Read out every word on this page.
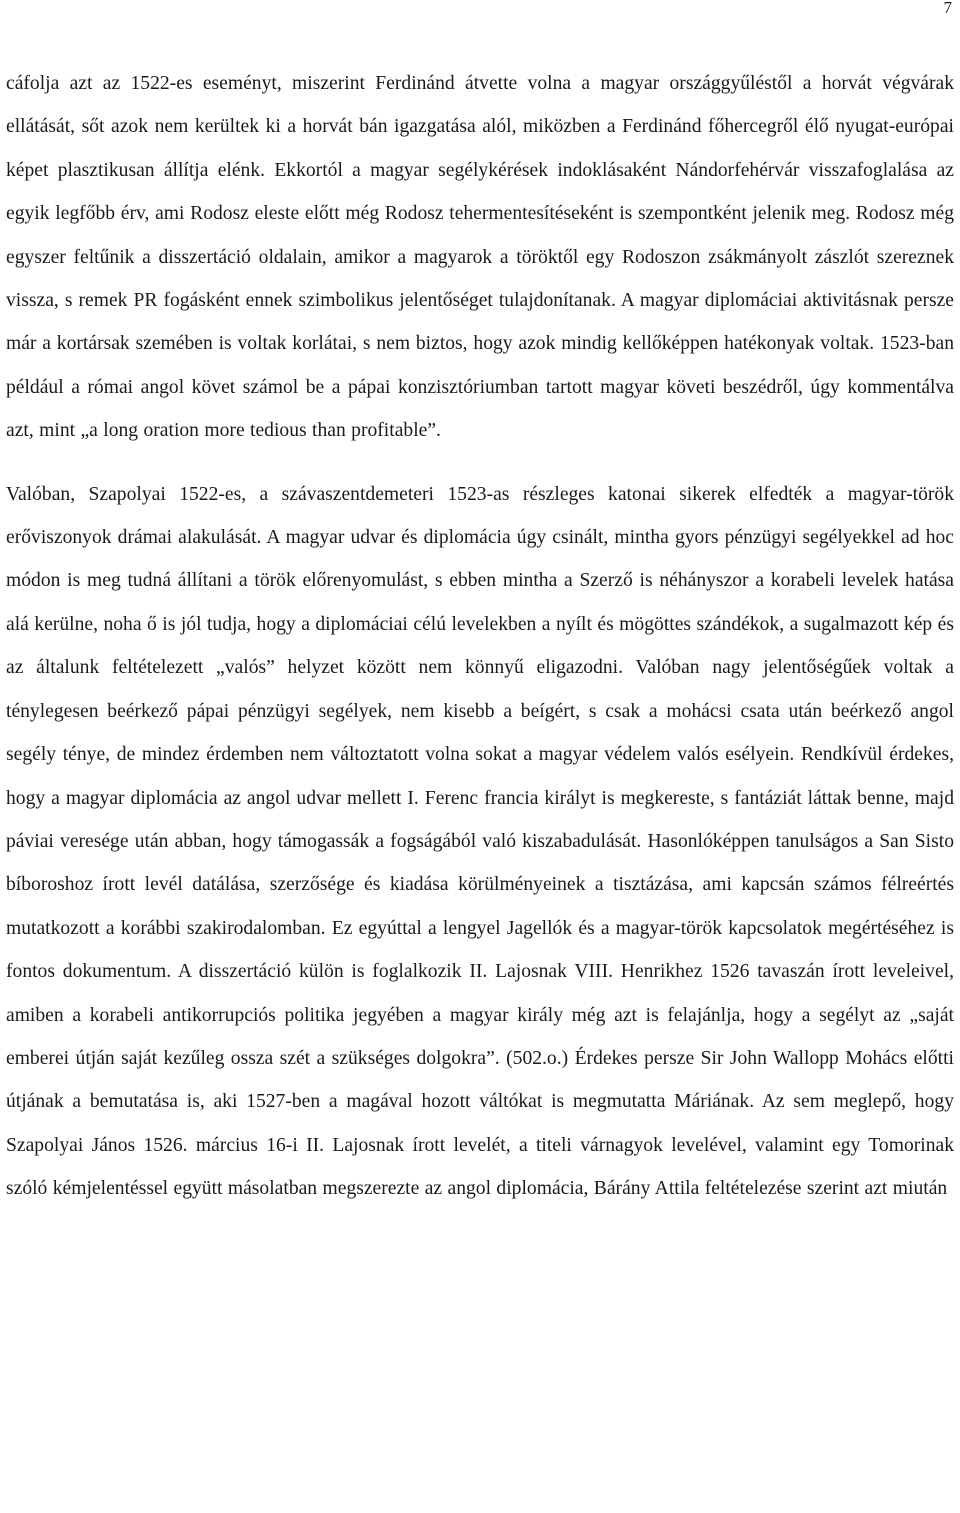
7

cáfolja azt az 1522-es eseményt, miszerint Ferdinánd átvette volna a magyar országgyűléstől a horvát végvárak ellátását, sőt azok nem kerültek ki a horvát bán igazgatása alól, miközben a Ferdinánd főhercegről élő nyugat-európai képet plasztikusan állítja elénk. Ekkortól a magyar segélykérések indoklásaként Nándorfehérvár visszafoglalása az egyik legfőbb érv, ami Rodosz eleste előtt még Rodosz tehermentesítéseként is szempontként jelenik meg. Rodosz még egyszer feltűnik a disszertáció oldalain, amikor a magyarok a töröktől egy Rodoszon zsákmányolt zászlót szereznek vissza, s remek PR fogásként ennek szimbolikus jelentőséget tulajdonítanak. A magyar diplomáciai aktivitásnak persze már a kortársak szemében is voltak korlátai, s nem biztos, hogy azok mindig kellőképpen hatékonyak voltak. 1523-ban például a római angol követ számol be a pápai konzisztóriumban tartott magyar követi beszédről, úgy kommentálva azt, mint „a long oration more tedious than profitable”.

Valóban, Szapolyai 1522-es, a szávaszentdemeteri 1523-as részleges katonai sikerek elfedték a magyar-török erőviszonyok drámai alakulását. A magyar udvar és diplomácia úgy csinált, mintha gyors pénzügyi segélyekkel ad hoc módon is meg tudná állítani a török előrenyomulást, s ebben mintha a Szerző is néhányszor a korabeli levelek hatása alá kerülne, noha ő is jól tudja, hogy a diplomáciai célú levelekben a nyílt és mögöttes szándékok, a sugalmazott kép és az általunk feltételezett „valós” helyzet között nem könnyű eligazodni. Valóban nagy jelentőségűek voltak a ténylegesen beérkező pápai pénzügyi segélyek, nem kisebb a beígért, s csak a mohácsi csata után beérkező angol segély ténye, de mindez érdemben nem változtatott volna sokat a magyar védelem valós esélyein. Rendkívül érdekes, hogy a magyar diplomácia az angol udvar mellett I. Ferenc francia királyt is megkereste, s fantáziát láttak benne, majd páviai veresége után abban, hogy támogassák a fogságából való kiszabadulását. Hasonlóképpen tanulságos a San Sisto bíboroshoz írott levél datálása, szerzősége és kiadása körülményeinek a tisztázása, ami kapcsán számos félreértés mutatkozott a korábbi szakirodalomban. Ez egyúttal a lengyel Jagellók és a magyar-török kapcsolatok megértéséhez is fontos dokumentum. A disszertáció külön is foglalkozik II. Lajosnak VIII. Henrikhez 1526 tavaszán írott leveleivel, amiben a korabeli antikorrupciós politika jegyében a magyar király még azt is felajánlja, hogy a segélyt az „saját emberei útján saját kezűleg ossza szét a szükséges dolgokra”. (502.o.) Érdekes persze Sir John Wallopp Mohács előtti útjának a bemutatása is, aki 1527-ben a magával hozott váltókat is megmutatta Máriának. Az sem meglepő, hogy Szapolyai János 1526. március 16-i II. Lajosnak írott levelét, a titeli várnagyok levelével, valamint egy Tomorinak szóló kémjelentéssel együtt másolatban megszerezte az angol diplomácia, Bárány Attila feltételezése szerint azt miután
